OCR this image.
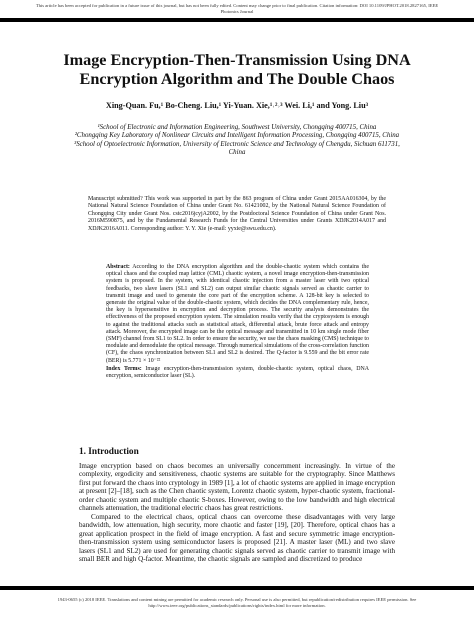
This article has been accepted for publication in a future issue of this journal, but has not been fully edited. Content may change prior to final publication. Citation information: DOI 10.1109/JPHOT.2018.2827165, IEEE
Photonics Journal
Image Encryption-Then-Transmission Using DNA
Encryption Algorithm and The Double Chaos
Xing-Quan. Fu,¹ Bo-Cheng. Liu,¹ Yi-Yuan. Xie,¹˒²˒³ Wei. Li,¹ and Yong. Liu³
¹School of Electronic and Information Engineering, Southwest University, Chongqing 400715, China
²Chongqing Key Laboratory of Nonlinear Circuits and Intelligent Information Processing, Chongqing 400715, China
³School of Optoelectronic Information, University of Electronic Science and Technology of Chengdu, Sichuan 611731, China
Manuscript submitted? This work was supported in part by the 863 program of China under Grant 2015AA016304, by the National Natural Science Foundation of China under Grant No. 61421002, by the National Natural Science Foundation of Chongqing City under Grant Nos. cstc2016jcyjA2002, by the Postdoctoral Science Foundation of China under Grant Nos. 2016M590875, and by the Fundamental Research Funds for the Central Universities under Grants XDJK2014A017 and XDJK2016A011. Corresponding author: Y. Y. Xie (e-mail: yyxie@swu.edu.cn).
Abstract: According to the DNA encryption algorithm and the double-chaotic system which contains the optical chaos and the coupled map lattice (CML) chaotic system, a novel image encryption-then-transmission system is proposed. In the system, with identical chaotic injection from a master laser with two optical feedbacks, two slave lasers (SL1 and SL2) can output similar chaotic signals served as chaotic carrier to transmit image and used to generate the core part of the encryption scheme. A 128-bit key is selected to generate the original value of the double-chaotic system, which decides the DNA complementary rule, hence, the key is hypersensitive in encryption and decryption process. The security analysis demonstrates the effectiveness of the proposed encryption system. The simulation results verify that the cryptosystem is enough to against the traditional attacks such as statistical attack, differential attack, brute force attack and entropy attack. Moreover, the encrypted image can be the optical message and transmitted in 10 km single mode fiber (SMF) channel from SL1 to SL2. In order to ensure the security, we use the chaos masking (CMS) technique to modulate and demodulate the optical message. Through numerical simulations of the cross-correlation function (CF), the chaos synchronization between SL1 and SL2 is desired. The Q-factor is 9.559 and the bit error rate (BER) is 5.771 × 10⁻²²
Index Terms: Image encryption-then-transmission system, double-chaotic system, optical chaos, DNA encryption, semiconductor laser (SL).
1. Introduction

Image encryption based on chaos becomes an universally concernment increasingly. In virtue of the complexity, ergodicity and sensitiveness, chaotic systems are suitable for the cryptography. Since Matthews first put forward the chaos into cryptology in 1989 [1], a lot of chaotic systems are applied in image encryption at present [2]–[18], such as the Chen chaotic system, Lorentz chaotic system, hyper-chaotic system, fractional-order chaotic system and multiple chaotic S-boxes. However, owing to the low bandwidth and high electrical channels attenuation, the traditional electric chaos has great restrictions.

Compared to the electrical chaos, optical chaos can overcome these disadvantages with very large bandwidth, low attenuation, high security, more chaotic and faster [19], [20]. Therefore, optical chaos has a great application prospect in the field of image encryption. A fast and secure symmetric image encryption-then-transmission system using semiconductor lasers is proposed [21]. A master laser (ML) and two slave lasers (SL1 and SL2) are used for generating chaotic signals served as chaotic carrier to transmit image with small BER and high Q-factor. Meantime, the chaotic signals are sampled and discretized to produce

1943-0655 (c) 2018 IEEE. Translations and content mining are permitted for academic research only. Personal use is also permitted, but republication/redistribution requires IEEE permission. See
http://www.ieee.org/publications_standards/publications/rights/index.html for more information.
